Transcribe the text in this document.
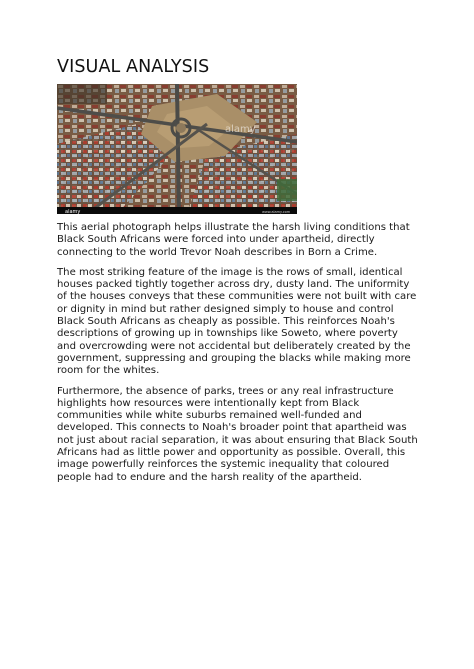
VISUAL ANALYSIS
alamy
alamy	www.alamy.com

This aerial photograph helps illustrate the harsh living conditions that Black South Africans were forced into under apartheid, directly connecting to the world Trevor Noah describes in Born a Crime.

The most striking feature of the image is the rows of small, identical houses packed tightly together across dry, dusty land. The uniformity of the houses conveys that these communities were not built with care or dignity in mind but rather designed simply to house and control Black South Africans as cheaply as possible. This reinforces Noah's descriptions of growing up in townships like Soweto, where poverty and overcrowding were not accidental but deliberately created by the government, suppressing and grouping the blacks while making more room for the whites.

Furthermore, the absence of parks, trees or any real infrastructure highlights how resources were intentionally kept from Black communities while white suburbs remained well-funded and developed. This connects to Noah's broader point that apartheid was not just about racial separation, it was about ensuring that Black South Africans had as little power and opportunity as possible. Overall, this image powerfully reinforces the systemic inequality that coloured people had to endure and the harsh reality of the apartheid.
